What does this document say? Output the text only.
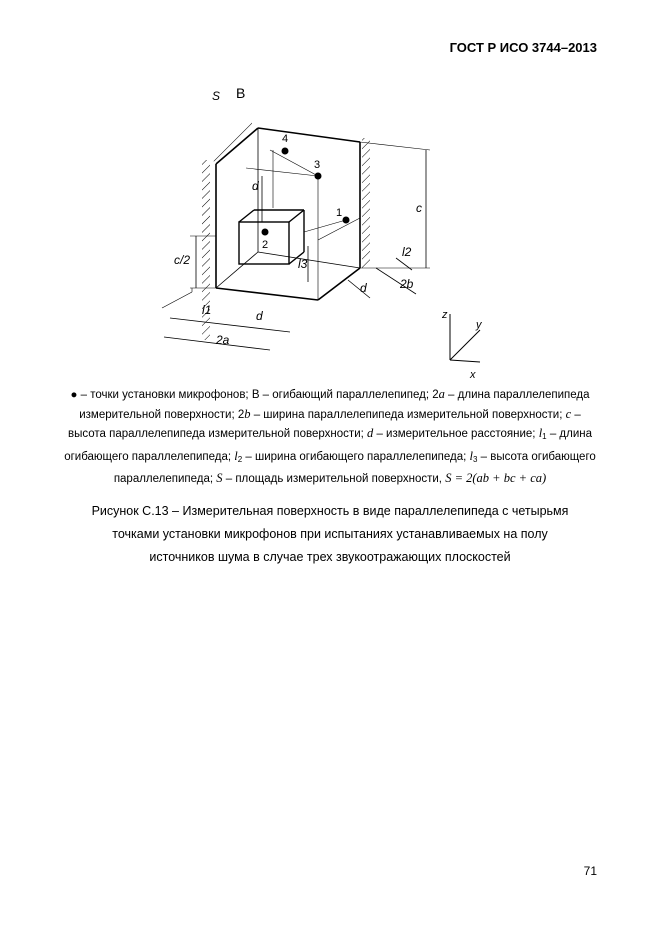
ГОСТ Р ИСО 3744–2013
S B
4
3
1
2
d
l3
c/2
c
l2
d	2b
l1	d
2a
z
y
x
● – точки установки микрофонов; B – огибающий параллелепипед; 2a – длина параллелепипеда измерительной поверхности; 2b – ширина параллелепипеда измерительной поверхности; c – высота параллелепипеда измерительной поверхности; d – измерительное расстояние; $l_1$ – длина огибающего параллелепипеда; $l_2$ – ширина огибающего параллелепипеда; $l_3$ – высота огибающего параллелепипеда; S – площадь измерительной поверхности, S = 2(ab + bc + ca)
Рисунок С.13 – Измерительная поверхность в виде параллелепипеда с четырьмя
точками установки микрофонов при испытаниях устанавливаемых на полу
источников шума в случае трех звукоотражающих плоскостей
71
